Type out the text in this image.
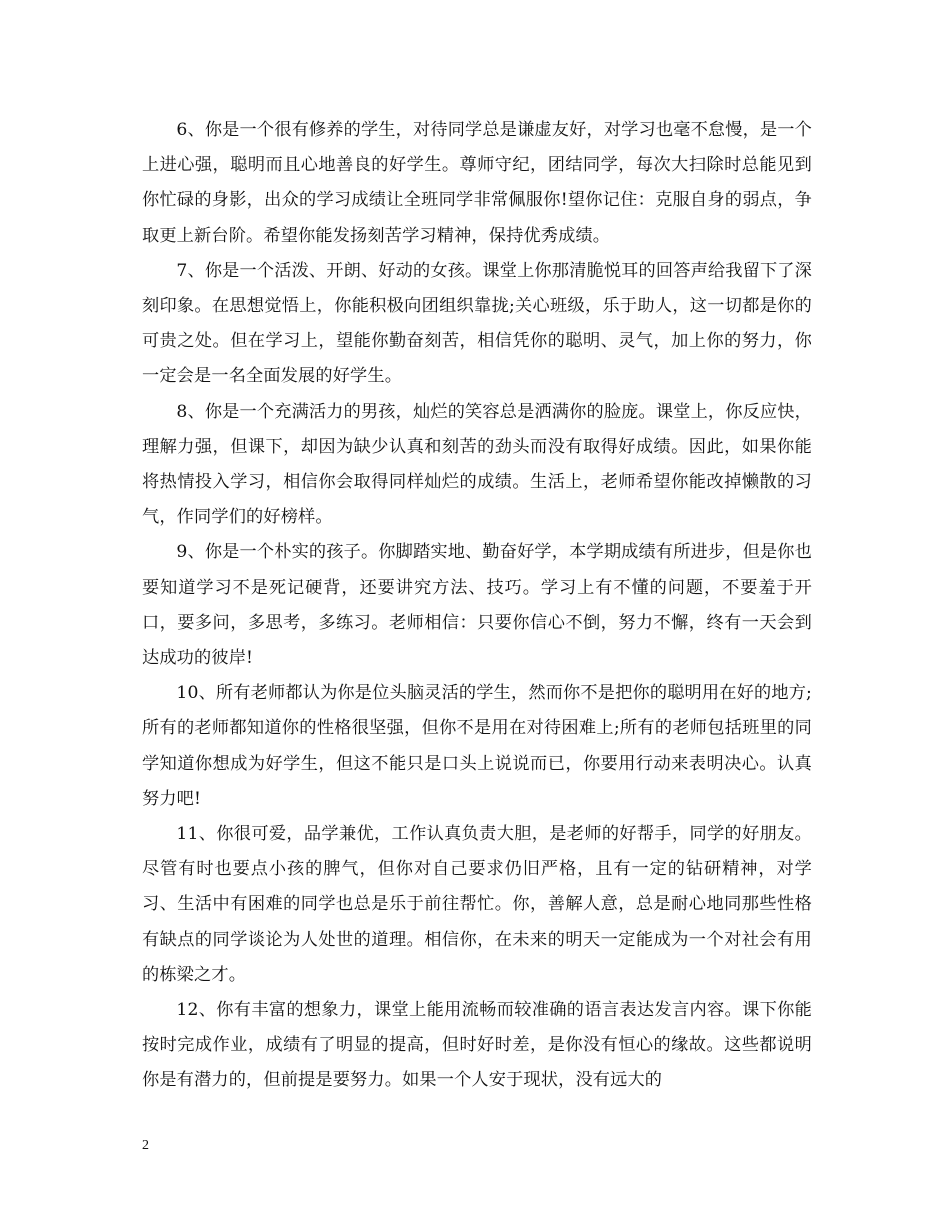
6、你是一个很有修养的学生，对待同学总是谦虚友好，对学习也毫不怠慢，是一个上进心强，聪明而且心地善良的好学生。尊师守纪，团结同学，每次大扫除时总能见到你忙碌的身影，出众的学习成绩让全班同学非常佩服你!望你记住：克服自身的弱点，争取更上新台阶。希望你能发扬刻苦学习精神，保持优秀成绩。

7、你是一个活泼、开朗、好动的女孩。课堂上你那清脆悦耳的回答声给我留下了深刻印象。在思想觉悟上，你能积极向团组织靠拢;关心班级，乐于助人，这一切都是你的可贵之处。但在学习上，望能你勤奋刻苦，相信凭你的聪明、灵气，加上你的努力，你一定会是一名全面发展的好学生。

8、你是一个充满活力的男孩，灿烂的笑容总是洒满你的脸庞。课堂上，你反应快，理解力强，但课下，却因为缺少认真和刻苦的劲头而没有取得好成绩。因此，如果你能将热情投入学习，相信你会取得同样灿烂的成绩。生活上，老师希望你能改掉懒散的习气，作同学们的好榜样。

9、你是一个朴实的孩子。你脚踏实地、勤奋好学，本学期成绩有所进步，但是你也要知道学习不是死记硬背，还要讲究方法、技巧。学习上有不懂的问题，不要羞于开口，要多问，多思考，多练习。老师相信：只要你信心不倒，努力不懈，终有一天会到达成功的彼岸!

10、所有老师都认为你是位头脑灵活的学生，然而你不是把你的聪明用在好的地方;所有的老师都知道你的性格很坚强，但你不是用在对待困难上;所有的老师包括班里的同学知道你想成为好学生，但这不能只是口头上说说而已，你要用行动来表明决心。认真努力吧!

11、你很可爱，品学兼优，工作认真负责大胆，是老师的好帮手，同学的好朋友。尽管有时也要点小孩的脾气，但你对自己要求仍旧严格，且有一定的钻研精神，对学习、生活中有困难的同学也总是乐于前往帮忙。你，善解人意，总是耐心地同那些性格有缺点的同学谈论为人处世的道理。相信你，在未来的明天一定能成为一个对社会有用的栋梁之才。

12、你有丰富的想象力，课堂上能用流畅而较准确的语言表达发言内容。课下你能按时完成作业，成绩有了明显的提高，但时好时差，是你没有恒心的缘故。这些都说明你是有潜力的，但前提是要努力。如果一个人安于现状，没有远大的

2
